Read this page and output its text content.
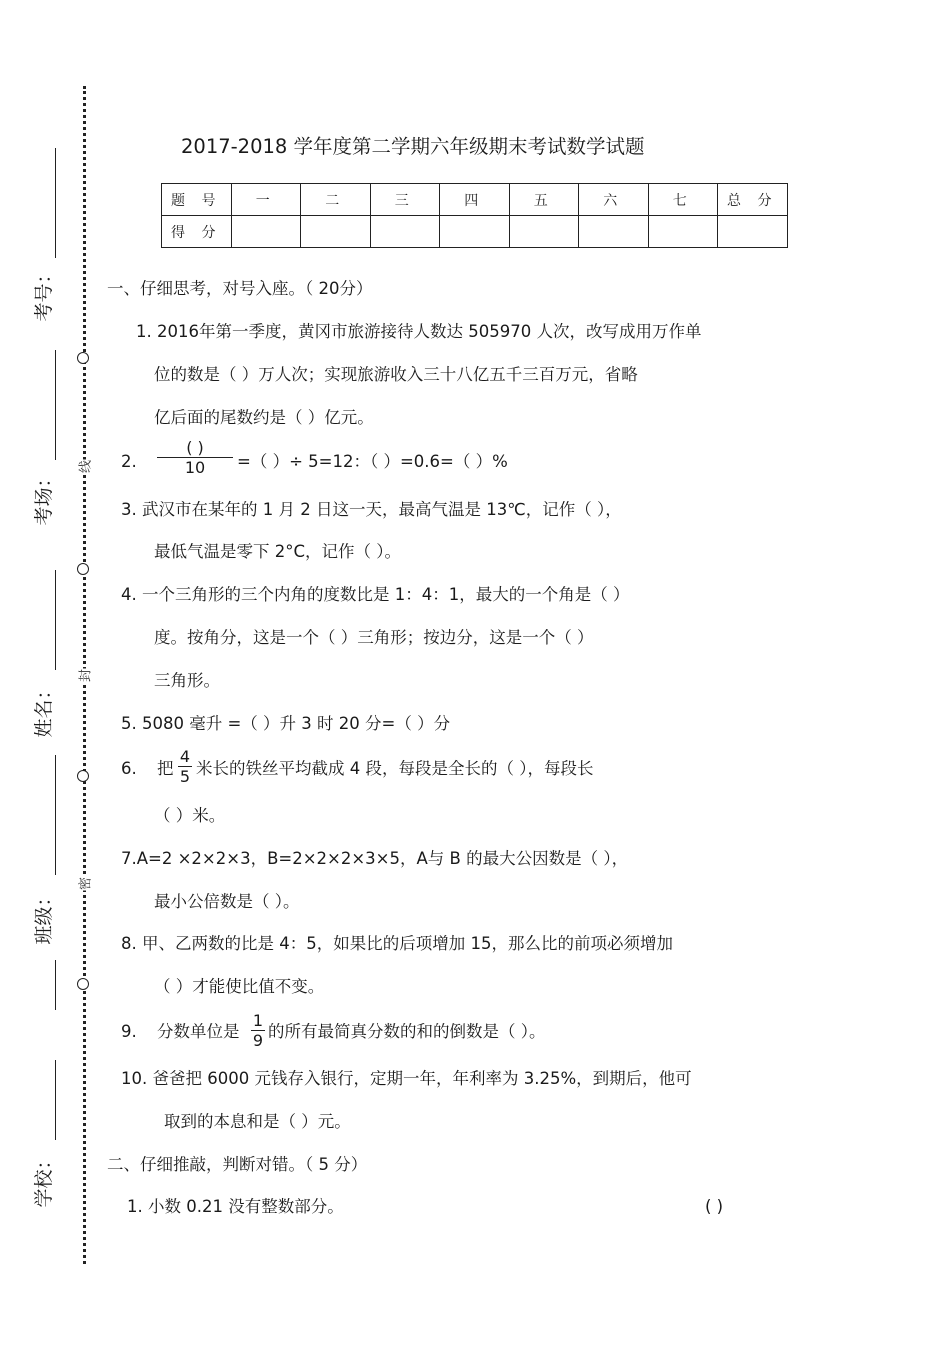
线
封
密
考号：
考场：
姓名：
班级：
学校：
2017-2018 学年度第二学期六年级期末考试数学试题
题 号	一	二	三	四	五	六	七	总 分
得 分								
一、仔细思考，对号入座。（ 20分）
1. 2016年第一季度，黄冈市旅游接待人数达 505970 人次，改写成用万作单
位的数是（ ）万人次；实现旅游收入三十八亿五千三百万元，省略
亿后面的尾数约是（ ）亿元。
2.
( )
10	=（ ）÷ 5=12：（ ）=0.6=（ ）%
3. 武汉市在某年的 1 月 2 日这一天，最高气温是 13℃，记作（ ），
最低气温是零下 2°C，记作（ ）。
4. 一个三角形的三个内角的度数比是 1：4：1，最大的一个角是（ ）
度。按角分，这是一个（ ）三角形；按边分，这是一个（ ）
三角形。
5. 5080 毫升 =（ ）升 3 时 20 分=（ ）分
6. 把 $\frac{4}{5}$ 米长的铁丝平均截成 4 段，每段是全长的（ ），每段长
（ ）米。
7.A=2 ×2×2×3，B=2×2×2×3×5，A与 B 的最大公因数是（ ），
最小公倍数是（ ）。
8. 甲、乙两数的比是 4：5，如果比的后项增加 15，那么比的前项必须增加
（ ）才能使比值不变。
9. 分数单位是 $\frac{1}{9}$ 的所有最简真分数的和的倒数是（ ）。
10. 爸爸把 6000 元钱存入银行，定期一年，年利率为 3.25%，到期后，他可
取到的本息和是（ ）元。
二、仔细推敲，判断对错。（ 5 分）
1. 小数 0.21 没有整数部分。	( )
